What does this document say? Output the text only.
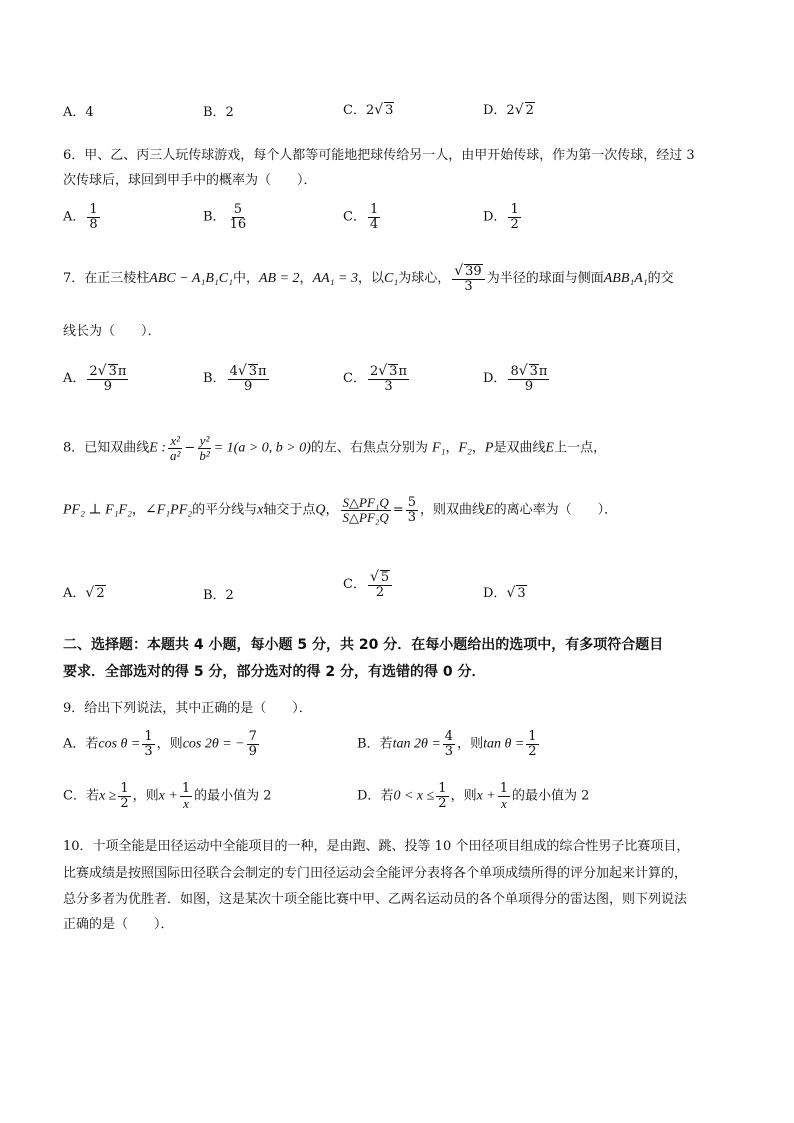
A．4	B．2	C．2√ 3	D．2√ 2
6．甲、乙、丙三人玩传球游戏，每个人都等可能地把球传给另一人，由甲开始传球，作为第一次传球，经过 3
次传球后，球回到甲手中的概率为（　　）．
A． $\frac{1}{8}$	B． $\frac{5}{16}$	C． $\frac{1}{4}$	D． $\frac{1}{2}$
7．在正三棱柱ABC − A₁B₁C₁中，AB = 2，AA₁ = 3，以C₁为球心， $\frac{√ 39}{3}$ 为半径的球面与侧面ABB₁A₁的交
线长为（　　）．
A． $\frac{2√ 3\pi}{9}$	B． $\frac{4√ 3\pi}{9}$	C． $\frac{2√ 3\pi}{3}$	D． $\frac{8√ 3\pi}{9}$
8．已知双曲线E : $\frac{\text{x²}}{\text{a²}} - \frac{\text{y²}}{\text{b²}} = 1(a > 0$, b > 0)的左、右焦点分别为 F₁，F₂，P是双曲线E上一点，
PF₂ ⊥ F₁F₂，∠F₁PF₂的平分线与x轴交于点Q， $\frac{\text{S△PF₁Q}}{\text{S△PF₂Q}} = \frac{5}{3}$ ，则双曲线E的离心率为（　　）．
A．√ 2	B．2
C． $\frac{√ 5}{2}$	D．√ 3
二、选择题：本题共 4 小题，每小题 5 分，共 20 分．在每小题给出的选项中，有多项符合题目
要求．全部选对的得 5 分，部分选对的得 2 分，有选错的得 0 分．
9．给出下列说法，其中正确的是（　　）．
A．若$\cos \theta = \frac{1}{3}$ ，则cos 2θ = − $\frac{7}{9}$	B．若$\tan 2\theta = \frac{4}{3}$ ，则$\tan \theta = \frac{1}{2}$
C．若$x \ge \frac{1}{2}$ ，则$x + \frac{1}{x}$ 的最小值为 2	D．若$0 < x \le \frac{1}{2}$ ，则$x + \frac{1}{x}$ 的最小值为 2
10．十项全能是田径运动中全能项目的一种，是由跑、跳、投等 10 个田径项目组成的综合性男子比赛项目，
比赛成绩是按照国际田径联合会制定的专门田径运动会全能评分表将各个单项成绩所得的评分加起来计算的，
总分多者为优胜者．如图，这是某次十项全能比赛中甲、乙两名运动员的各个单项得分的雷达图，则下列说法
正确的是（　　）．
